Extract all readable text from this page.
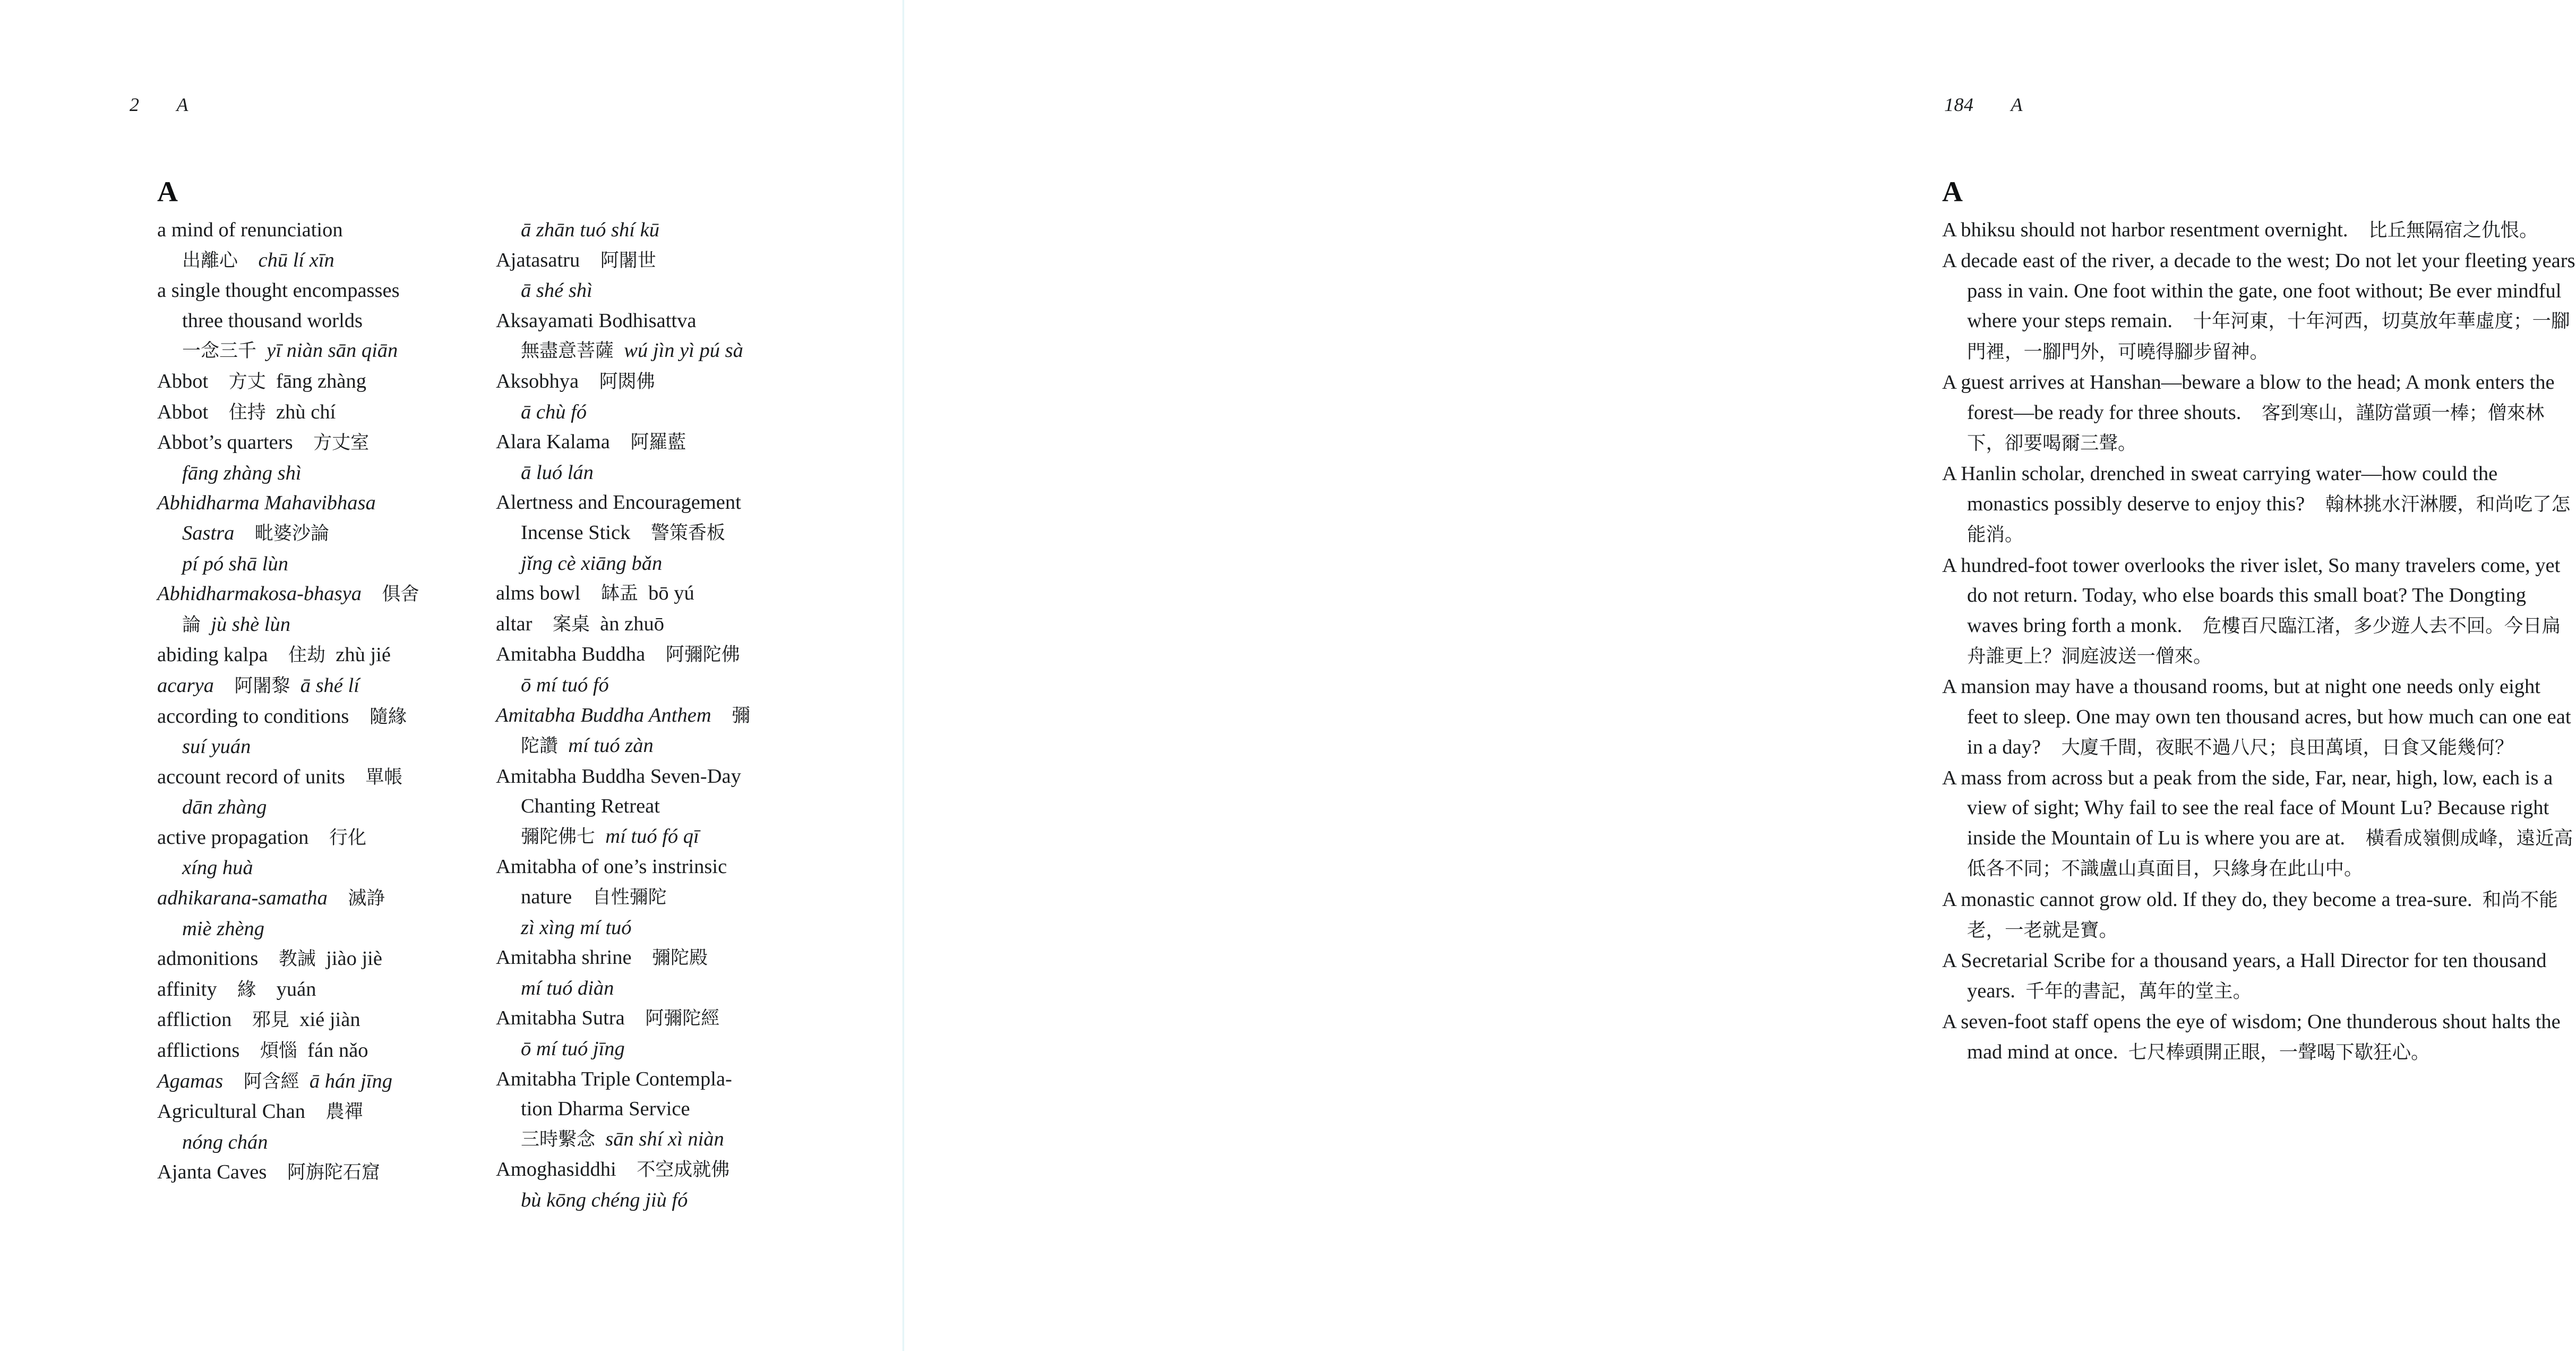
2 A
A
a mind of renunciation
出離心 chū lí xīn
a single thought encompasses
three thousand worlds
一念三千 yī niàn sān qiān
Abbot 方丈 fāng zhàng
Abbot 住持 zhù chí
Abbot’s quarters 方丈室
fāng zhàng shì
Abhidharma Mahavibhasa
Sastra 毗婆沙論
pí pó shā lùn
Abhidharmakosa-bhasya 俱舍
論 jù shè lùn
abiding kalpa 住劫 zhù jié
acarya 阿闍黎 ā shé lí
according to conditions 隨緣
suí yuán
account record of units 單帳
dān zhàng
active propagation 行化
xíng huà
adhikarana-samatha 滅諍
miè zhèng
admonitions 教誡 jiào jiè
affinity 緣 yuán
affliction 邪見 xié jiàn
afflictions 煩惱 fán nǎo
Agamas 阿含經 ā hán jīng
Agricultural Chan 農禪
nóng chán
Ajanta Caves 阿旃陀石窟
ā zhān tuó shí kū
Ajatasatru 阿闍世
ā shé shì
Aksayamati Bodhisattva
無盡意菩薩 wú jìn yì pú sà
Aksobhya 阿閦佛
ā chù fó
Alara Kalama 阿羅藍
ā luó lán
Alertness and Encouragement
Incense Stick 警策香板
jǐng cè xiāng bǎn
alms bowl 缽盂 bō yú
altar 案桌 àn zhuō
Amitabha Buddha 阿彌陀佛
ō mí tuó fó
Amitabha Buddha Anthem 彌
陀讚 mí tuó zàn
Amitabha Buddha Seven-Day
Chanting Retreat
彌陀佛七 mí tuó fó qī
Amitabha of one’s instrinsic
nature 自性彌陀
zì xìng mí tuó
Amitabha shrine 彌陀殿
mí tuó diàn
Amitabha Sutra 阿彌陀經
ō mí tuó jīng
Amitabha Triple Contempla-
tion Dharma Service
三時繫念 sān shí xì niàn
Amoghasiddhi 不空成就佛
bù kōng chéng jiù fó
184 A
A

A bhiksu should not harbor resentment overnight. 比丘無隔宿之仇恨。

A decade east of the river, a decade to the west; Do not let your fleeting years pass in vain. One foot within the gate, one foot without; Be ever mindful where your steps remain. 十年河東，十年河西，切莫放年華虛度；一腳門裡，一腳門外，可曉得腳步留神。

A guest arrives at Hanshan—beware a blow to the head; A monk enters the forest—be ready for three shouts. 客到寒山，謹防當頭一棒；僧來林下，卻要喝爾三聲。

A Hanlin scholar, drenched in sweat carrying water—how could the monastics possibly deserve to enjoy this? 翰林挑水汗淋腰，和尚吃了怎能消。

A hundred-foot tower overlooks the river islet, So many travelers come, yet do not return. Today, who else boards this small boat? The Dongting waves bring forth a monk. 危樓百尺臨江渚，多少遊人去不回。今日扁舟誰更上？洞庭波送一僧來。

A mansion may have a thousand rooms, but at night one needs only eight feet to sleep. One may own ten thousand acres, but how much can one eat in a day? 大廈千間，夜眠不過八尺；良田萬頃，日食又能幾何？

A mass from across but a peak from the side, Far, near, high, low, each is a view of sight; Why fail to see the real face of Mount Lu? Because right inside the Mountain of Lu is where you are at. 橫看成嶺側成峰，遠近高低各不同；不識盧山真面目，只緣身在此山中。

A monastic cannot grow old. If they do, they become a trea-sure. 和尚不能老，一老就是寶。

A Secretarial Scribe for a thousand years, a Hall Director for ten thousand years. 千年的書記，萬年的堂主。

A seven-foot staff opens the eye of wisdom; One thunderous shout halts the mad mind at once. 七尺棒頭開正眼，一聲喝下歇狂心。
